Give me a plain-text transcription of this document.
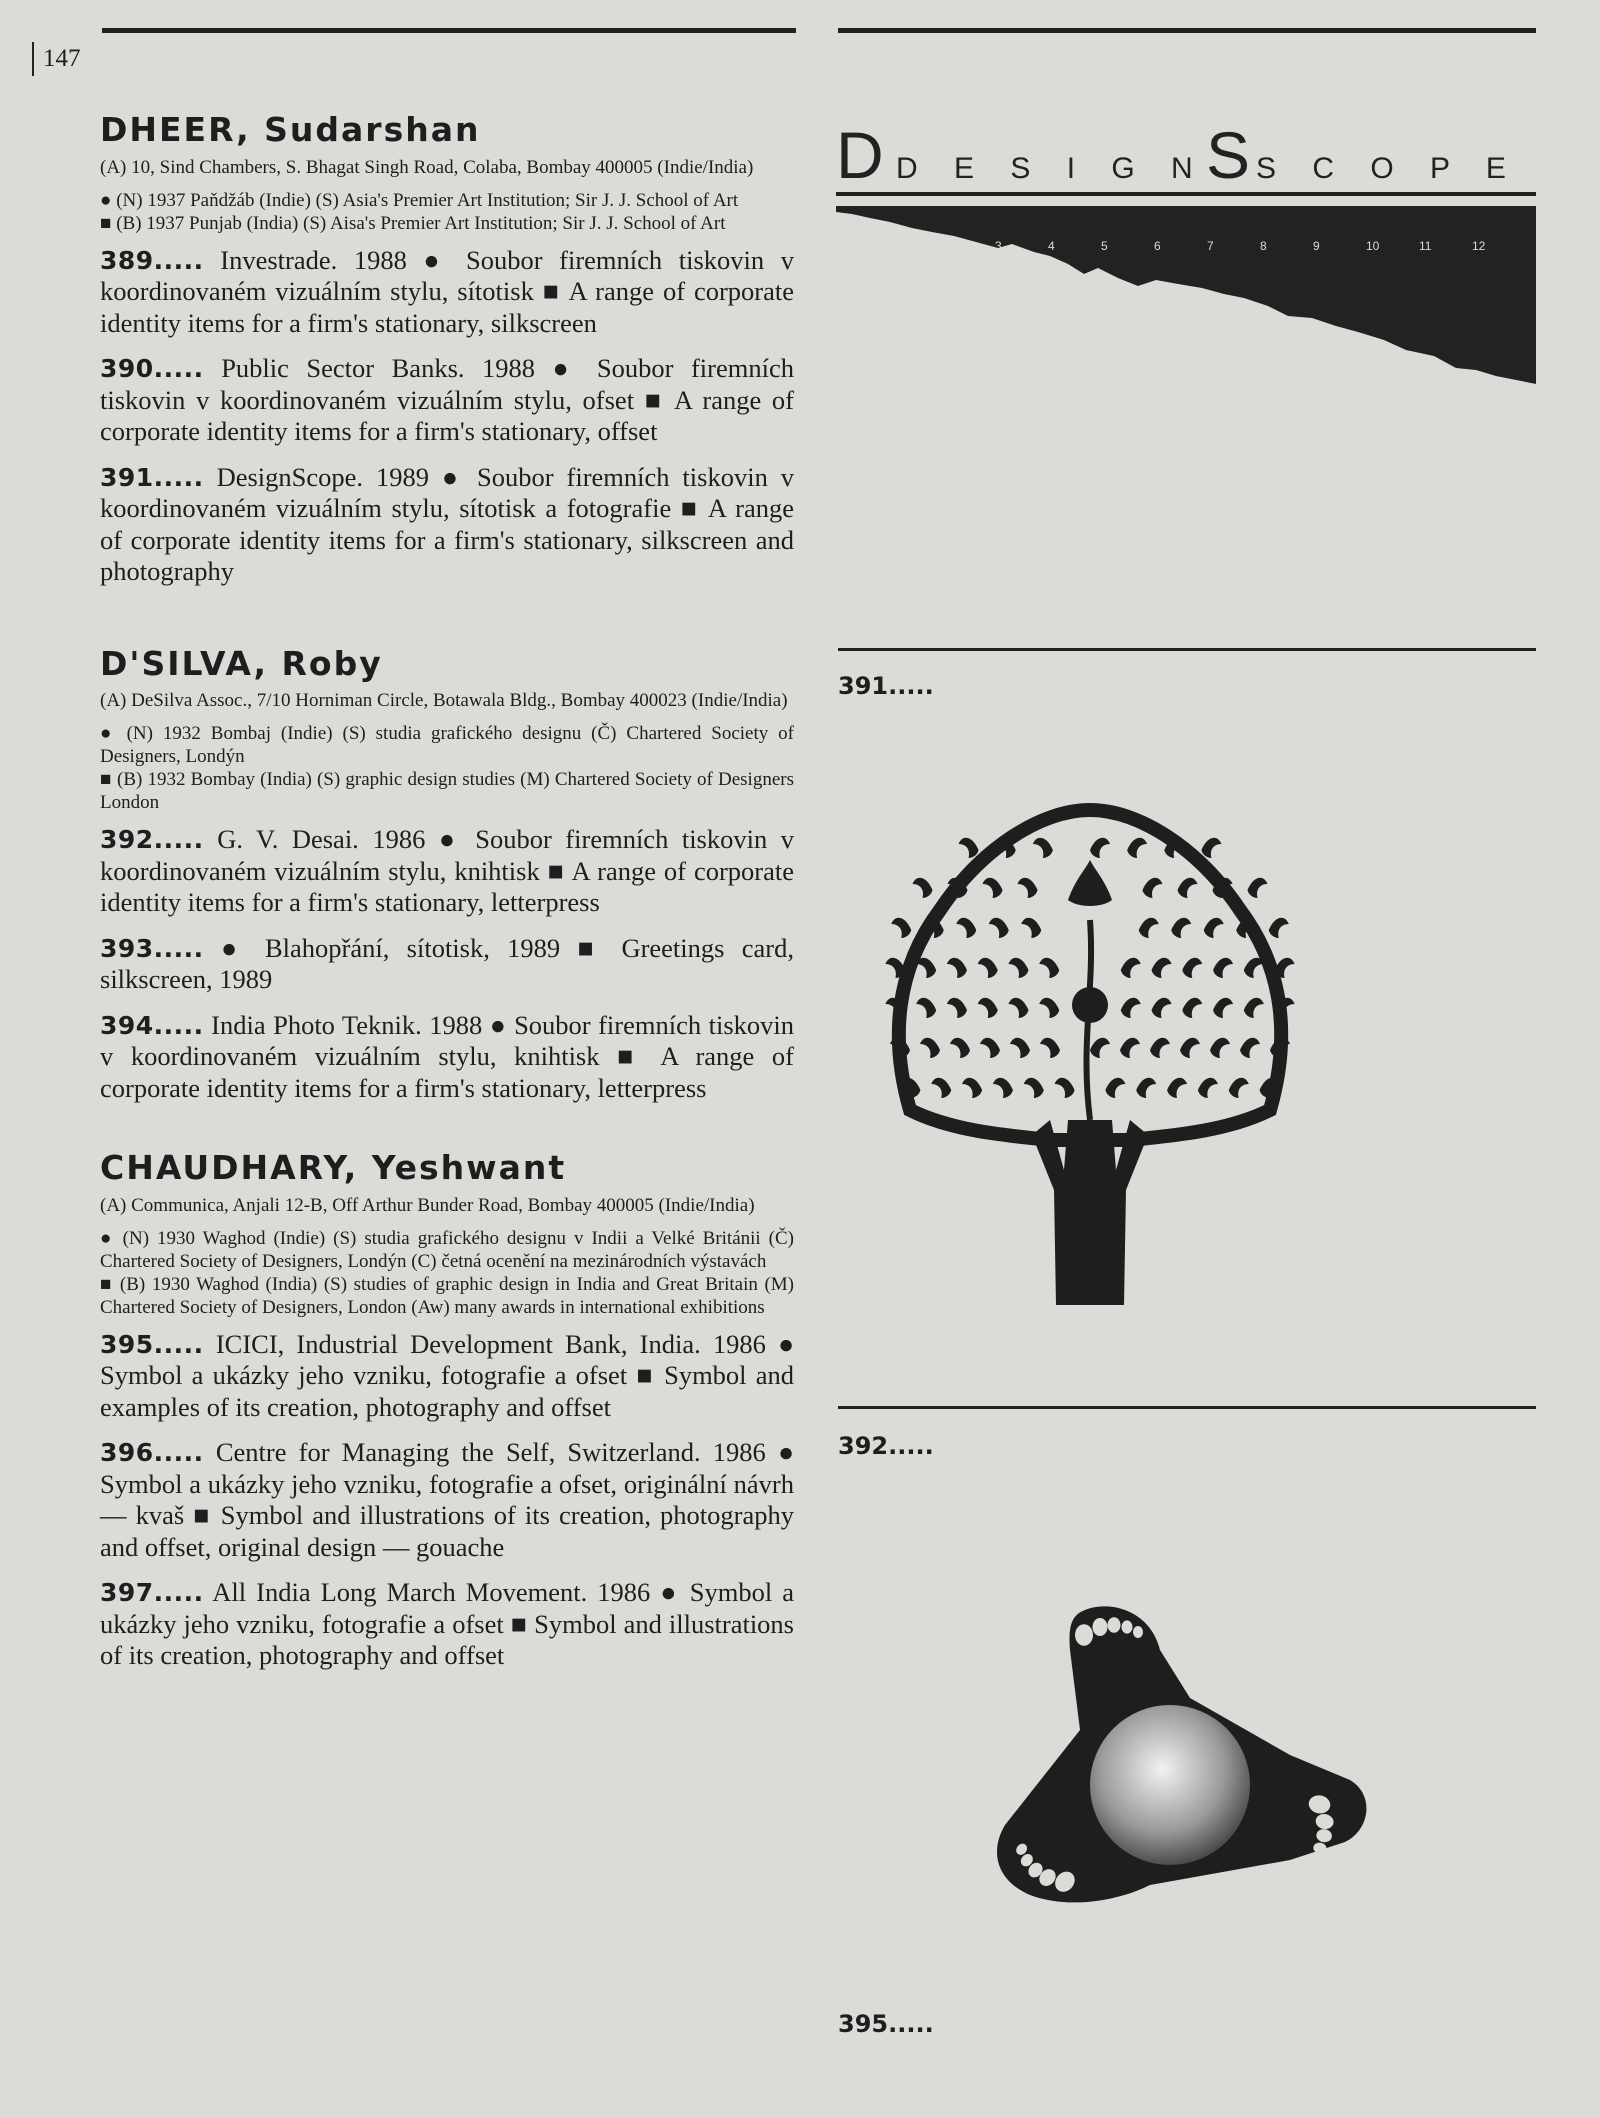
147
DHEER, Sudarshan

(A) 10, Sind Chambers, S. Bhagat Singh Road, Colaba, Bombay 400005 (Indie/India)

● (N) 1937 Paňdžáb (Indie) (S) Asia's Premier Art Institution; Sir J. J. School of Art
■ (B) 1937 Punjab (India) (S) Aisa's Premier Art Institution; Sir J. J. School of Art

389..... Investrade. 1988 ● Soubor firemních tiskovin v koordinovaném vizuálním stylu, sítotisk ■ A range of corporate identity items for a firm's stationary, silkscreen

390..... Public Sector Banks. 1988 ● Soubor firemních tiskovin v koordinovaném vizuálním stylu, ofset ■ A range of corporate identity items for a firm's stationary, offset

391..... DesignScope. 1989 ● Soubor firemních tiskovin v koordinovaném vizuálním stylu, sítotisk a fotografie ■ A range of corporate identity items for a firm's stationary, silkscreen and photography

D'SILVA, Roby

(A) DeSilva Assoc., 7/10 Horniman Circle, Botawala Bldg., Bombay 400023 (Indie/India)

● (N) 1932 Bombaj (Indie) (S) studia grafického designu (Č) Chartered Society of Designers, Londýn
■ (B) 1932 Bombay (India) (S) graphic design studies (M) Chartered Society of Designers London

392..... G. V. Desai. 1986 ● Soubor firemních tiskovin v koordinovaném vizuálním stylu, knihtisk ■ A range of corporate identity items for a firm's stationary, letterpress

393..... ● Blahopřání, sítotisk, 1989 ■ Greetings card, silkscreen, 1989

394..... India Photo Teknik. 1988 ● Soubor firemních tiskovin v koordinovaném vizuálním stylu, knihtisk ■ A range of corporate identity items for a firm's stationary, letterpress

CHAUDHARY, Yeshwant

(A) Communica, Anjali 12-B, Off Arthur Bunder Road, Bombay 400005 (Indie/India)

● (N) 1930 Waghod (Indie) (S) studia grafického designu v Indii a Velké Británii (Č) Chartered Society of Designers, Londýn (C) četná ocenění na mezinárodních výstavách
■ (B) 1930 Waghod (India) (S) studies of graphic design in India and Great Britain (M) Chartered Society of Designers, London (Aw) many awards in international exhibitions

395..... ICICI, Industrial Development Bank, India. 1986 ● Symbol a ukázky jeho vzniku, fotografie a ofset ■ Symbol and examples of its creation, photography and offset

396..... Centre for Managing the Self, Switzerland. 1986 ● Symbol a ukázky jeho vzniku, fotografie a ofset, originální návrh — kvaš ■ Symbol and illustrations of its creation, photography and offset, original design — gouache

397..... All India Long March Movement. 1986 ● Symbol a ukázky jeho vzniku, fotografie a ofset ■ Symbol and illustrations of its creation, photography and offset

D D E S I G N S S C O P E
2	3	4	5	6	7	8	9	10	11	12
391.....
392.....
395.....
